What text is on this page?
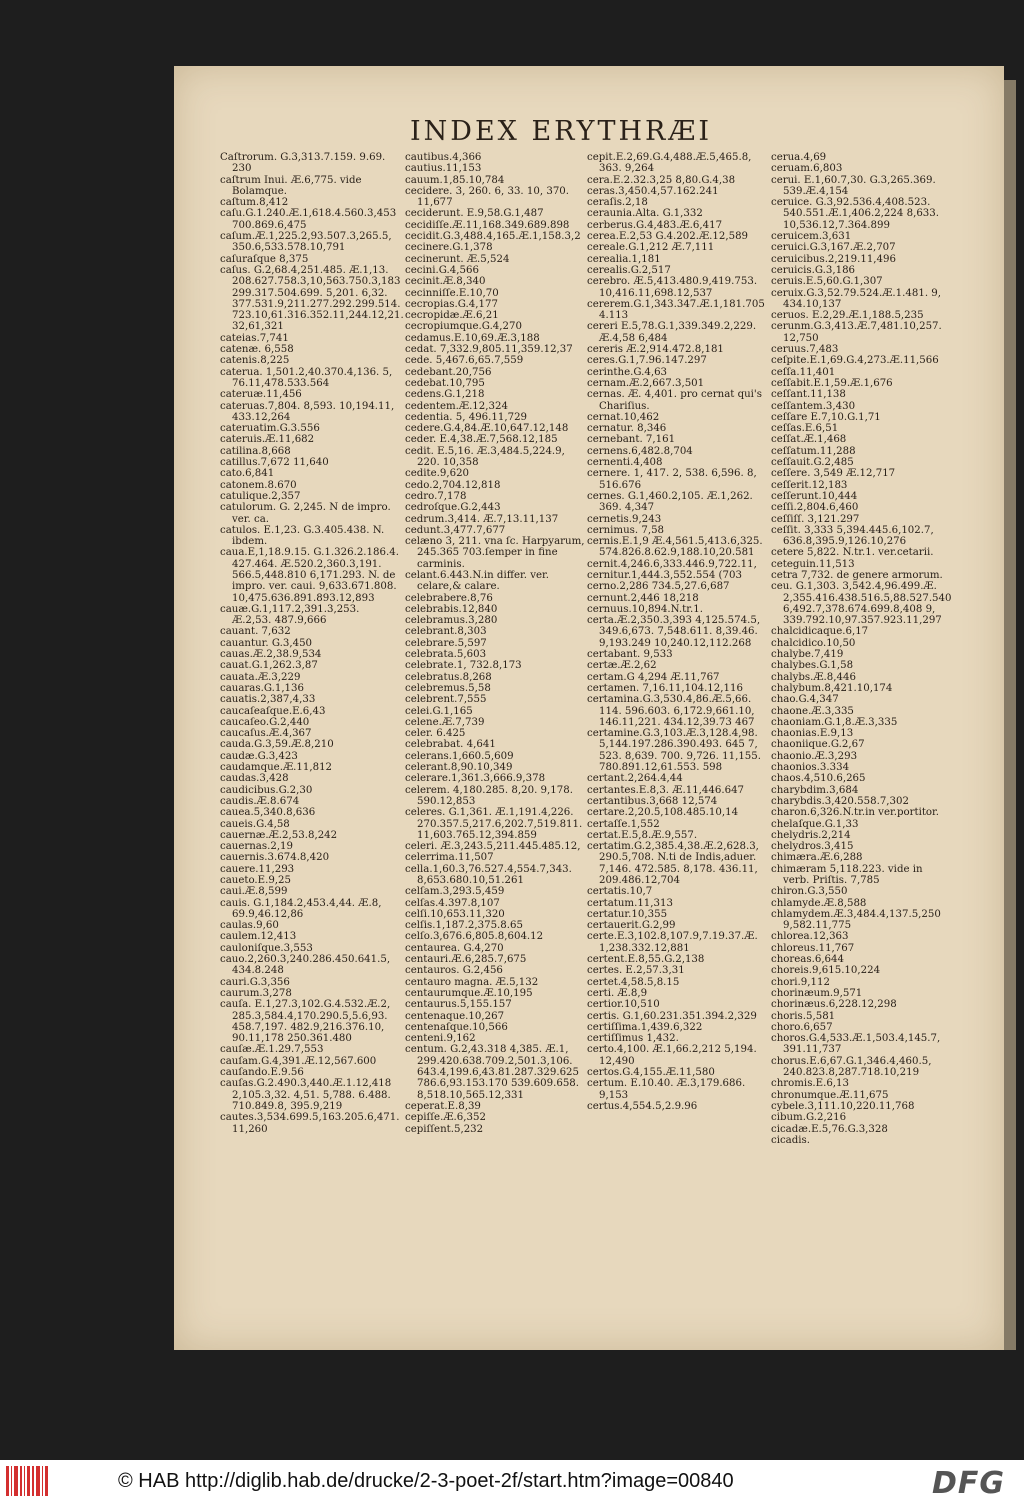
INDEX ERYTHRÆI
Caſtrorum. G.3,313.7.159. 9.69. 230
caſtrum Inui. Æ.6,775. vide Bolamque.
caſtum.8,412
caſu.G.1.240.Æ.1,618.4.560.3,453 700.869.6,475
caſum.Æ.1,225.2,93.507.3,265.5, 350.6,533.578.10,791
caſuraſque 8,375
caſus. G.2,68.4,251.485. Æ.1,13. 208.627.758.3,10,563.750.3,183 299.317.504.699. 5,201. 6,32. 377.531.9,211.277.292.299.514. 723.10,61.316.352.11,244.12,21. 32,61,321
cateias.7,741
catenæ. 6,558
catenis.8,225
caterua. 1,501.2,40.370.4,136. 5, 76.11,478.533.564
cateruæ.11,456
cateruas.7,804. 8,593. 10,194.11, 433.12,264
cateruatim.G.3.556
cateruis.Æ.11,682
catilina.8,668
catillus.7,672 11,640
cato.6,841
catonem.8.670
catulique.2,357
catulorum. G. 2,245. N de impro. ver. ca.
catulos. E.1,23. G.3.405.438. N. ibdem.
caua.E,1,18.9.15. G.1.326.2.186.4. 427.464. Æ.520.2,360.3,191. 566.5,448.810 6,171.293. N. de impro. ver. caui. 9,633.671.808. 10,475.636.891.893.12,893
cauæ.G.1,117.2,391.3,253. Æ.2,53. 487.9,666
cauant. 7,632
cauantur. G.3,450
cauas.Æ.2,38.9,534
cauat.G.1,262.3,87
cauata.Æ.3,229
cauaras.G.1,136
cauatis.2,387,4,33
caucaſeaſque.E.6,43
caucaſeo.G.2,440
caucaſus.Æ.4,367
cauda.G.3,59.Æ.8,210
caudæ.G.3,423
caudamque.Æ.11,812
caudas.3,428
caudicibus.G.2,30
caudis.Æ.8.674
cauea.5,340.8,636
caueis.G.4,58
cauernæ.Æ.2,53.8,242
cauernas.2,19
cauernis.3.674.8,420
cauere.11,293
caueto.E.9,25
caui.Æ.8,599
cauis. G.1,184.2,453.4,44. Æ.8, 69.9,46.12,86
caulas.9,60
caulem.12,413
cauloniſque.3,553
cauo.2,260.3,240.286.450.641.5, 434.8.248
cauri.G.3,356
caurum.3,278
cauſa. E.1,27.3,102.G.4.532.Æ.2, 285.3,584.4,170.290.5,5.6,93. 458.7,197. 482.9,216.376.10, 90.11,178 250.361.480
cauſæ.Æ.1.29.7,553
cauſam.G.4,391.Æ.12,567.600
cauſando.E.9.56
cauſas.G.2.490.3,440.Æ.1.12,418 2,105.3,32. 4,51. 5,788. 6.488. 710.849.8, 395.9,219
cautes.3,534.699.5,163.205.6,471. 11,260
cautibus.4,366
cautius.11,153
cauum.1,85.10,784
cecidere. 3, 260. 6, 33. 10, 370. 11,677
ceciderunt. E.9,58.G.1,487
cecidiſſe.Æ.11,168.349.689.898
cecidit.G.3,488.4,165.Æ.1,158.3,2
cecinere.G.1,378
cecinerunt. Æ.5,524
cecini.G.4,566
cecinit.Æ.8,340
cecinniſſe.E.10,70
cecropias.G.4,177
cecropidæ.Æ.6,21
cecropiumque.G.4,270
cedamus.E.10,69.Æ.3,188
cedat. 7,332.9,805.11,359.12,37
cede. 5,467.6,65.7,559
cedebant.20,756
cedebat.10,795
cedens.G.1,218
cedentem.Æ.12,324
cedentia. 5, 496.11,729
cedere.G.4,84.Æ.10,647.12,148
ceder. E.4,38.Æ.7,568.12,185
cedit. E.5,16. Æ.3,484.5,224.9, 220. 10,358
cedite.9,620
cedo.2,704.12,818
cedro.7,178
cedroſque.G.2,443
cedrum.3,414. Æ.7,13.11,137
cedunt.3,477.7,677
celæno 3, 211. vna ſc. Harpyarum, 245.365 703.ſemper in fine carminis.
celant.6.443.N.in differ. ver. celare,& calare.
celebrabere.8,76
celebrabis.12,840
celebramus.3,280
celebrant.8,303
celebrare.5,597
celebrata.5,603
celebrate.1, 732.8,173
celebratus.8,268
celebremus.5,58
celebrent.7,555
celei.G.1,165
celene.Æ.7,739
celer. 6.425
celebrabat. 4,641
celerans.1,660.5,609
celerant.8,90.10,349
celerare.1,361.3,666.9,378
celerem. 4,180.285. 8,20. 9,178. 590.12,853
celeres. G.1,361. Æ.1,191.4,226. 270.357.5,217.6,202.7,519.811. 11,603.765.12,394.859
celeri. Æ.3,243.5,211.445.485.12,
celerrima.11,507
cella.1,60.3,76.527.4,554.7,343. 8,653.680.10,51.261
celſam.3,293.5,459
celſas.4.397.8,107
celſi.10,653.11,320
celſis.1,187.2,375.8.65
celſo.3,676.6,805.8,604.12
centaurea. G.4,270
centauri.Æ.6,285.7,675
centauros. G.2,456
centauro magna. Æ.5,132
centaurumque.Æ.10,195
centaurus.5,155.157
centenaque.10,267
centenaſque.10,566
centeni.9,162
centum. G.2,43.318 4,385. Æ.1, 299.420.638.709.2,501.3,106. 643.4,199.6,43.81.287.329.625 786.6,93.153.170 539.609.658. 8,518.10,565.12,331
ceperat.E.8,39
cepiſſe.Æ.6,352
cepiſſent.5,232
cepit.E.2,69.G.4,488.Æ.5,465.8, 363. 9,264
cera.E.2.32.3,25 8,80.G.4,38
ceras.3,450.4,57.162.241
ceraſis.2,18
ceraunia.Alta. G.1,332
cerberus.G.4,483.Æ.6,417
cerea.E.2,53 G.4.202.Æ.12,589
cereale.G.1,212 Æ.7,111
cerealia.1,181
cerealis.G.2,517
cerebro. Æ.5,413.480.9,419.753. 10,416.11,698.12,537
cererem.G.1,343.347.Æ.1,181.705 4.113
cereri E.5,78.G.1,339.349.2,229. Æ.4,58 6,484
cereris Æ.2,914.472.8,181
ceres.G.1,7.96.147.297
cerinthe.G.4,63
cernam.Æ.2,667.3,501
cernas. Æ. 4,401. pro cernat qui's Chariſius.
cernat.10,462
cernatur. 8,346
cernebant. 7,161
cernens.6,482.8,704
cernenti.4,408
cernere. 1, 417. 2, 538. 6,596. 8, 516.676
cernes. G.1,460.2,105. Æ.1,262. 369. 4,347
cernetis.9,243
cernimus. 7,58
cernis.E.1,9 Æ.4,561.5,413.6,325. 574.826.8.62.9,188.10,20.581
cernit.4,246.6,333.446.9,722.11,
cernitur.1,444.3,552.554 (703
cerno.2,286 734.5,27.6,687
cernunt.2,446 18,218
cernuus.10,894.N.tr.1.
certa.Æ.2,350.3,393 4,125.574.5, 349.6,673. 7,548.611. 8,39.46. 9,193.249 10,240.12,112.268
certabant. 9,533
certæ.Æ.2,62
certam.G 4,294 Æ.11,767
certamen. 7,16.11,104.12,116
certamina.G.3,530.4,86.Æ.5,66. 114. 596.603. 6,172.9,661.10, 146.11,221. 434.12,39.73 467
certamine.G.3,103.Æ.3,128.4,98. 5,144.197.286.390.493. 645 7, 523. 8,639. 700. 9,726. 11,155. 780.891.12,61.553. 598
certant.2,264.4,44
certantes.E.8,3. Æ.11,446.647
certantibus.3,668 12,574
certare.2,20.5,108.485.10,14
certaſſe.1,552
certat.E.5,8.Æ.9,557.
certatim.G.2,385.4,38.Æ.2,628.3, 290.5,708. N.ti de Indis,aduer. 7,146. 472.585. 8,178. 436.11, 209.486.12,704
certatis.10,7
certatum.11,313
certatur.10,355
certauerit.G.2,99
certe.E.3,102.8,107.9,7.19.37.Æ. 1,238.332.12,881
certent.E.8,55.G.2,138
certes. E.2,57.3,31
certet.4,58.5,8.15
certi. Æ.8,9
certior.10,510
certis. G.1,60.231.351.394.2,329
certiſſima.1,439.6,322
certiſſimus 1,432.
certo.4,100. Æ.1,66.2,212 5,194. 12,490
certos.G.4,155.Æ.11,580
certum. E.10.40. Æ.3,179.686. 9,153
certus.4,554.5,2.9.96
ceruа.4,69
ceruam.6,803
cerui. E.1,60.7,30. G.3,265.369. 539.Æ.4,154
ceruice. G.3,92.536.4,408.523. 540.551.Æ.1,406.2,224 8,633. 10,536.12,7.364.899
ceruicem.3,631
ceruici.G.3,167.Æ.2,707
ceruicibus.2,219.11,496
ceruicis.G.3,186
ceruis.E.5,60.G.1,307
ceruix.G.3,52.79.524.Æ.1.481. 9, 434.10,137
ceruos. E.2,29.Æ.1,188.5,235
cerunm.G.3,413.Æ.7,481.10,257. 12,750
ceruus.7,483
ceſpite.E.1,69.G.4,273.Æ.11,566
ceſſa.11,401
ceſſabit.E.1,59.Æ.1,676
ceſſant.11,138
ceſſantem.3,430
ceſſare E.7,10.G.1,71
ceſſas.E.6,51
ceſſat.Æ.1,468
ceſſatum.11,288
ceſſauit.G.2,485
ceſſere. 3,549 Æ.12,717
ceſſerit.12,183
ceſſerunt.10,444
ceſſi.2,804.6,460
ceſſiſſ. 3,121.297
ceſſit. 3,333 5,394.445.6,102.7, 636.8,395.9,126.10,276
cetere 5,822. N.tr.1. ver.cetarii.
ceteguin.11,513
cetra 7,732. de genere armorum.
ceu. G.1,303. 3,542.4,96.499.Æ. 2,355.416.438.516.5,88.527.540 6,492.7,378.674.699.8,408 9, 339.792.10,97.357.923.11,297
chalcidicaque.6,17
chalcidico.10,50
chalybe.7,419
chalybes.G.1,58
chalybs.Æ.8,446
chalybum.8,421.10,174
chao.G.4,347
chaone.Æ.3,335
chaoniam.G.1,8.Æ.3,335
chaonias.E.9,13
chaoniique.G.2,67
chaonio.Æ.3,293
chaonios.3.334
chaos.4,510.6,265
charybdim.3,684
charybdis.3,420.558.7,302
charon.6,326.N.tr.in ver.portitor.
chelaſque.G.1,33
chelydris.2,214
chelydros.3,415
chimæra.Æ.6,288
chimæram 5,118.223. vide in verb. Priſtis. 7,785
chiron.G.3,550
chlamyde.Æ.8,588
chlamydem.Æ.3,484.4,137.5,250 9,582.11,775
chlorea.12,363
chloreus.11,767
choreas.6,644
choreis.9,615.10,224
chori.9,112
chorinæum.9,571
chorinæus.6,228.12,298
choris.5,581
choro.6,657
choros.G.4,533.Æ.1,503.4,145.7, 391.11,737
chorus.E.6,67.G.1,346.4,460.5, 240.823.8,287.718.10,219
chromis.E.6,13
chronumque.Æ.11,675
cybele.3,111.10,220.11,768
cibum.G.2,216
cicadæ.E.5,76.G.3,328
cicadis.
© HAB http://diglib.hab.de/drucke/2-3-poet-2f/start.htm?image=00840	DFG
